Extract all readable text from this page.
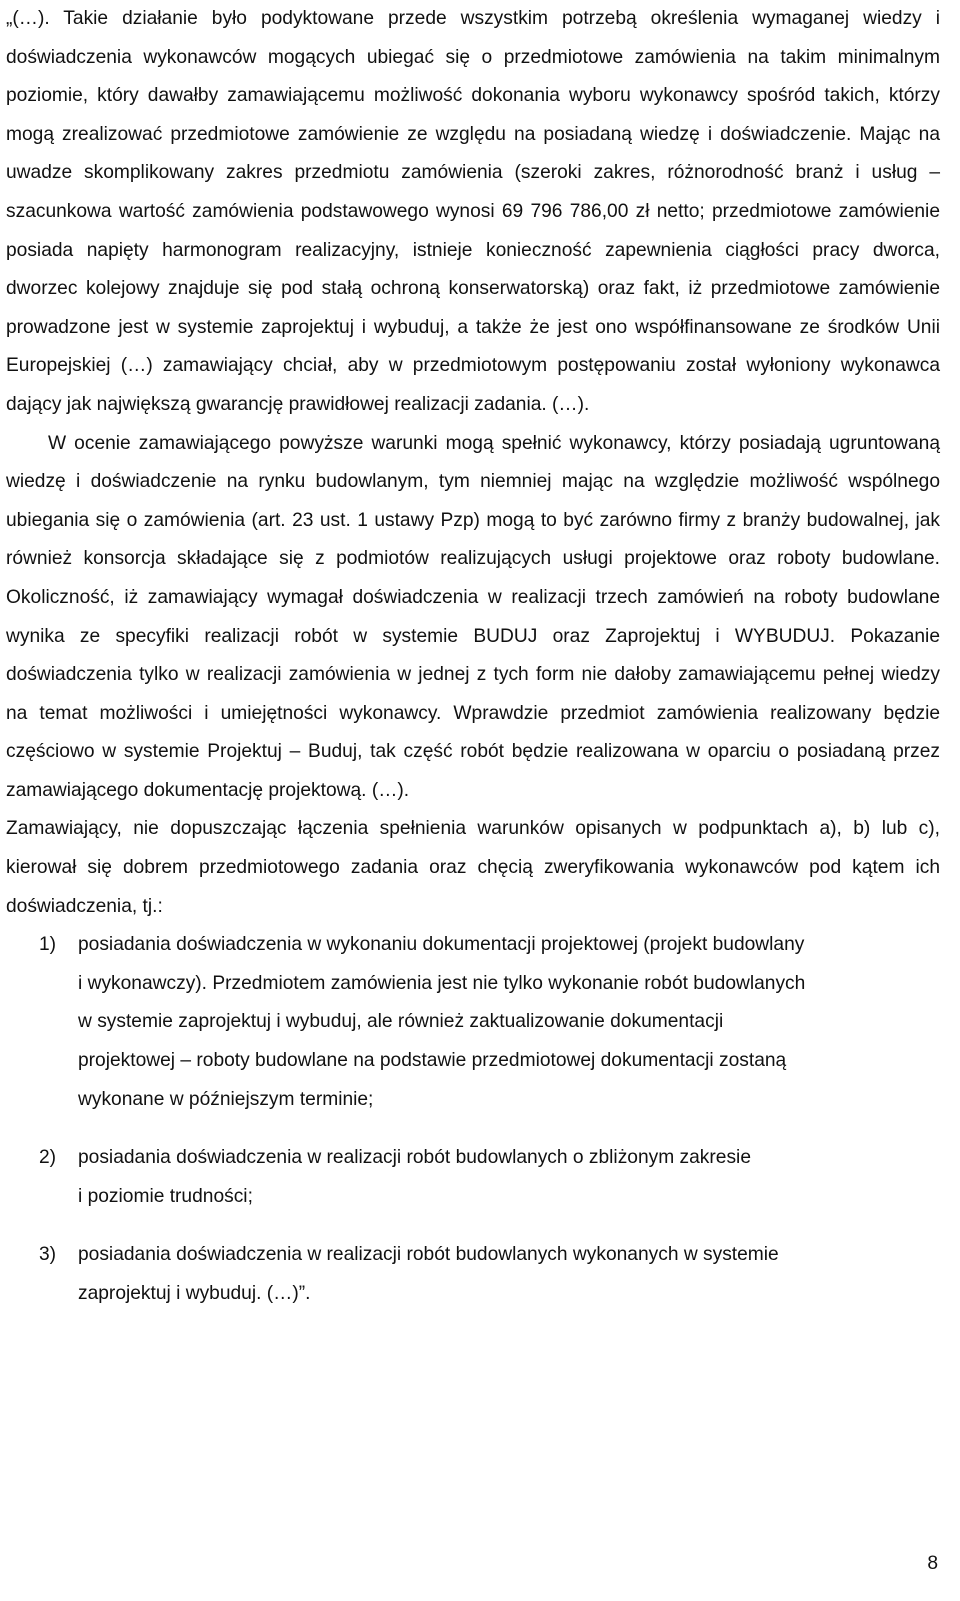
„(…). Takie działanie było podyktowane przede wszystkim potrzebą określenia wymaganej wiedzy i doświadczenia wykonawców mogących ubiegać się o przedmiotowe zamówienia na takim minimalnym poziomie, który dawałby zamawiającemu możliwość dokonania wyboru wykonawcy spośród takich, którzy mogą zrealizować przedmiotowe zamówienie ze względu na posiadaną wiedzę i doświadczenie. Mając na uwadze skomplikowany zakres przedmiotu zamówienia (szeroki zakres, różnorodność branż i usług – szacunkowa wartość zamówienia podstawowego wynosi 69 796 786,00 zł netto; przedmiotowe zamówienie posiada napięty harmonogram realizacyjny, istnieje konieczność zapewnienia ciągłości pracy dworca, dworzec kolejowy znajduje się pod stałą ochroną konserwatorską) oraz fakt, iż przedmiotowe zamówienie prowadzone jest w systemie zaprojektuj i wybuduj, a także że jest ono współfinansowane ze środków Unii Europejskiej (…) zamawiający chciał, aby w przedmiotowym postępowaniu został wyłoniony wykonawca dający jak największą gwarancję prawidłowej realizacji zadania. (…).

W ocenie zamawiającego powyższe warunki mogą spełnić wykonawcy, którzy posiadają ugruntowaną wiedzę i doświadczenie na rynku budowlanym, tym niemniej mając na względzie możliwość wspólnego ubiegania się o zamówienia (art. 23 ust. 1 ustawy Pzp) mogą to być zarówno firmy z branży budowalnej, jak również konsorcja składające się z podmiotów realizujących usługi projektowe oraz roboty budowlane. Okoliczność, iż zamawiający wymagał doświadczenia w realizacji trzech zamówień na roboty budowlane wynika ze specyfiki realizacji robót w systemie BUDUJ oraz Zaprojektuj i WYBUDUJ. Pokazanie doświadczenia tylko w realizacji zamówienia w jednej z tych form nie dałoby zamawiającemu pełnej wiedzy na temat możliwości i umiejętności wykonawcy. Wprawdzie przedmiot zamówienia realizowany będzie częściowo w systemie Projektuj – Buduj, tak część robót będzie realizowana w oparciu o posiadaną przez zamawiającego dokumentację projektową. (…).

Zamawiający, nie dopuszczając łączenia spełnienia warunków opisanych w podpunktach a), b) lub c), kierował się dobrem przedmiotowego zadania oraz chęcią zweryfikowania wykonawców pod kątem ich doświadczenia, tj.:

1) posiadania doświadczenia w wykonaniu dokumentacji projektowej (projekt budowlany
i wykonawczy). Przedmiotem zamówienia jest nie tylko wykonanie robót budowlanych
w systemie zaprojektuj i wybuduj, ale również zaktualizowanie dokumentacji
projektowej – roboty budowlane na podstawie przedmiotowej dokumentacji zostaną
wykonane w późniejszym terminie;
2) posiadania doświadczenia w realizacji robót budowlanych o zbliżonym zakresie
i poziomie trudności;
3) posiadania doświadczenia w realizacji robót budowlanych wykonanych w systemie
zaprojektuj i wybuduj. (…)”.
8
